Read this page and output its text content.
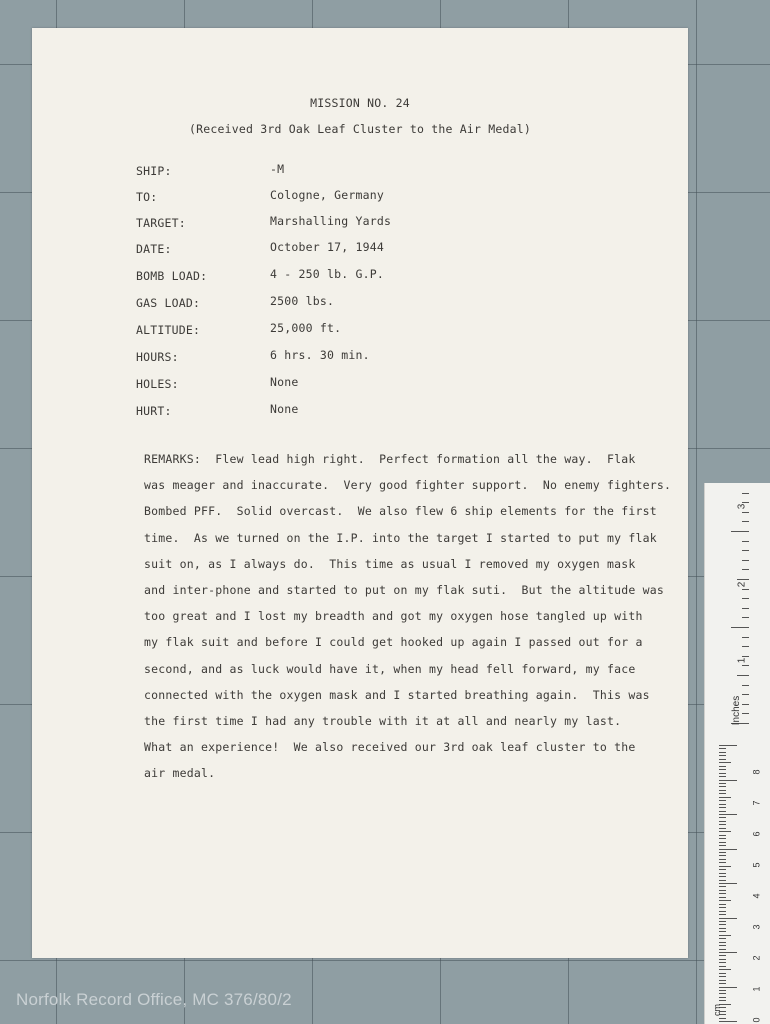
MISSION NO. 24
(Received 3rd Oak Leaf Cluster to the Air Medal)
SHIP:	-M
TO:	Cologne, Germany
TARGET:	Marshalling Yards
DATE:	October 17, 1944
BOMB LOAD:	4 - 250 lb. G.P.
GAS LOAD:	2500 lbs.
ALTITUDE:	25,000 ft.
HOURS:	6 hrs. 30 min.
HOLES:	None
HURT:	None
REMARKS:  Flew lead high right.  Perfect formation all the way.  Flak
was meager and inaccurate.  Very good fighter support.  No enemy fighters.
Bombed PFF.  Solid overcast.  We also flew 6 ship elements for the first
time.  As we turned on the I.P. into the target I started to put my flak
suit on, as I always do.  This time as usual I removed my oxygen mask
and inter-phone and started to put on my flak suti.  But the altitude was
too great and I lost my breadth and got my oxygen hose tangled up with
my flak suit and before I could get hooked up again I passed out for a
second, and as luck would have it, when my head fell forward, my face
connected with the oxygen mask and I started breathing again.  This was
the first time I had any trouble with it at all and nearly my last.
What an experience!  We also received our 3rd oak leaf cluster to the
air medal.
Norfolk Record Office, MC 376/80/2
3
2
1
Inches
8
7
6
5
4
3
2
1
0
cm
